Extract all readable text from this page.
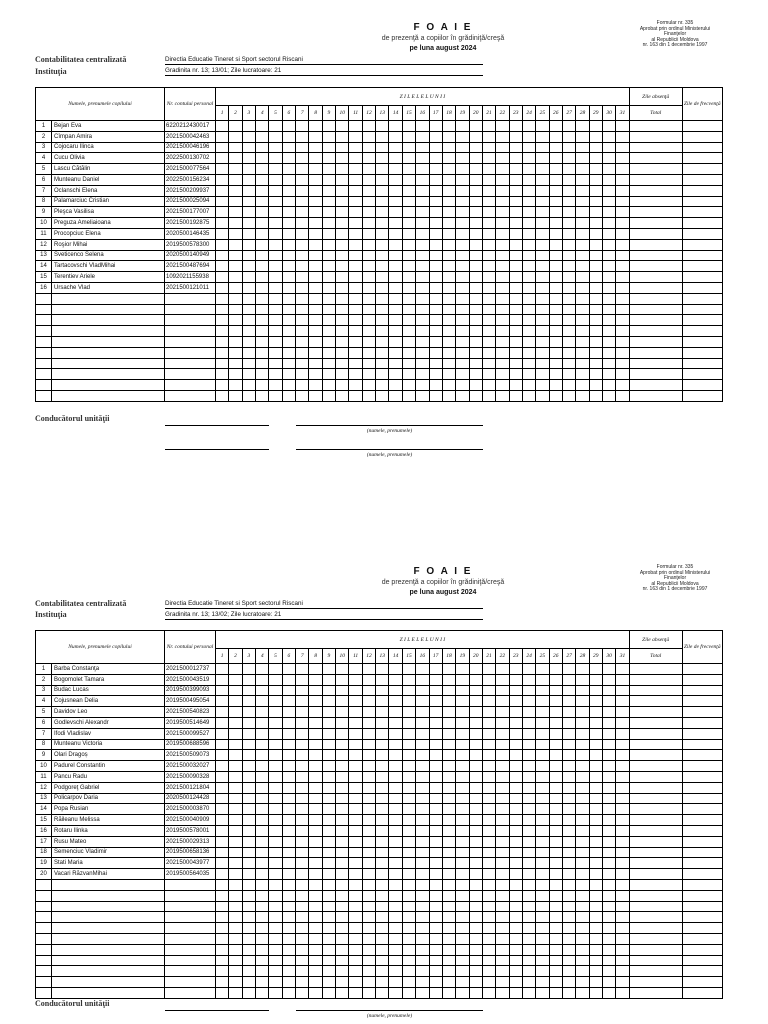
F O A I E
de prezenţă a copiilor în grădiniţă/creşă
pe luna august 2024
Formular nr. 335
Aprobat prin ordinul Ministerului
Finanţelor
al Republicii Moldova
nr. 163 din 1 decembrie 1997
Contabilitatea centralizată
Instituţia
Directia Educatie Tineret si Sport sectorul Riscani
Gradinita nr. 13; 13/01; Zile lucratoare: 21
Numele, prenumele copilului		Nr. contului personal	Z I L E L E L U N I I																															Zile absenţă	Zile de frecvenţă
			1	2	3	4	5	6	7	8	9	10	11	12	13	14	15	16	17	18	19	20	21	22	23	24	25	26	27	28	29	30	31	Total	
1	Bejan Eva	6220212430017																																	
2	Cîmpan Amira	2021500042463																																	
3	Cojocaru Ilinca	2021500046196																																	
4	Cucu Olivia	2022500130702																																	
5	Lascu Cătălin	2021500077564																																	
6	Munteanu Daniel	2022500156234																																	
7	Oclanschi Elena	2021500209937																																	
8	Palamarciuc Cristian	2021500025094																																	
9	Pleşca Vasilisa	2021500177007																																	
10	Preguza Ameliaioana	2021500192875																																	
11	Procopciuc Elena	2020500146435																																	
12	Roşior Mihai	2019500578300																																	
13	Sveticenco Selena	2020500140949																																	
14	Tartacovschi VladMihai	2021500487694																																	
15	Terentiev Ariele	1092021155938																																	
16	Ursache Vlad	2021500121011																																	

Conducătorul unităţii
(numele, prenumele)
(numele, prenumele)
F O A I E
de prezenţă a copiilor în grădiniţă/creşă
pe luna august 2024
Formular nr. 335
Aprobat prin ordinul Ministerului
Finanţelor
al Republicii Moldova
nr. 163 din 1 decembrie 1997
Contabilitatea centralizată
Instituţia
Directia Educatie Tineret si Sport sectorul Riscani
Gradinita nr. 13; 13/02; Zile lucratoare: 21
Numele, prenumele copilului		Nr. contului personal	Z I L E L E L U N I I																															Zile absenţă	Zile de frecvenţă
			1	2	3	4	5	6	7	8	9	10	11	12	13	14	15	16	17	18	19	20	21	22	23	24	25	26	27	28	29	30	31	Total	
1	Barba Constanţa	2021500012737																																	
2	Bogomolet Tamara	2021500043519																																	
3	Budac Lucas	2019500399093																																	
4	Cojusnean Delia	2019500495054																																	
5	Davidov Leo	2021500540823																																	
6	Godlevschi Alexandr	2019500514649																																	
7	Ifodi Vladislav	2021500099527																																	
8	Munteanu Victoria	2019500688596																																	
9	Olari Dragoș	2021500509073																																	
10	Padurel Constantin	2021500032027																																	
11	Pancu Radu	2021500090328																																	
12	Podgoreţ Gabriel	2021500121804																																	
13	Policarpov Daria	2020500124428																																	
14	Popa Rusian	2021500003870																																	
15	Răileanu Melissa	2021500040909																																	
16	Rotaru Ilinka	2019500578001																																	
17	Rusu Mateo	2021500029313																																	
18	Semenciuc Vladimir	2019500658136																																	
19	Stati Maria	2021500043977																																	
20	Vacari RăzvanMihai	2019500564035																																	

Conducătorul unităţii
(numele, prenumele)
